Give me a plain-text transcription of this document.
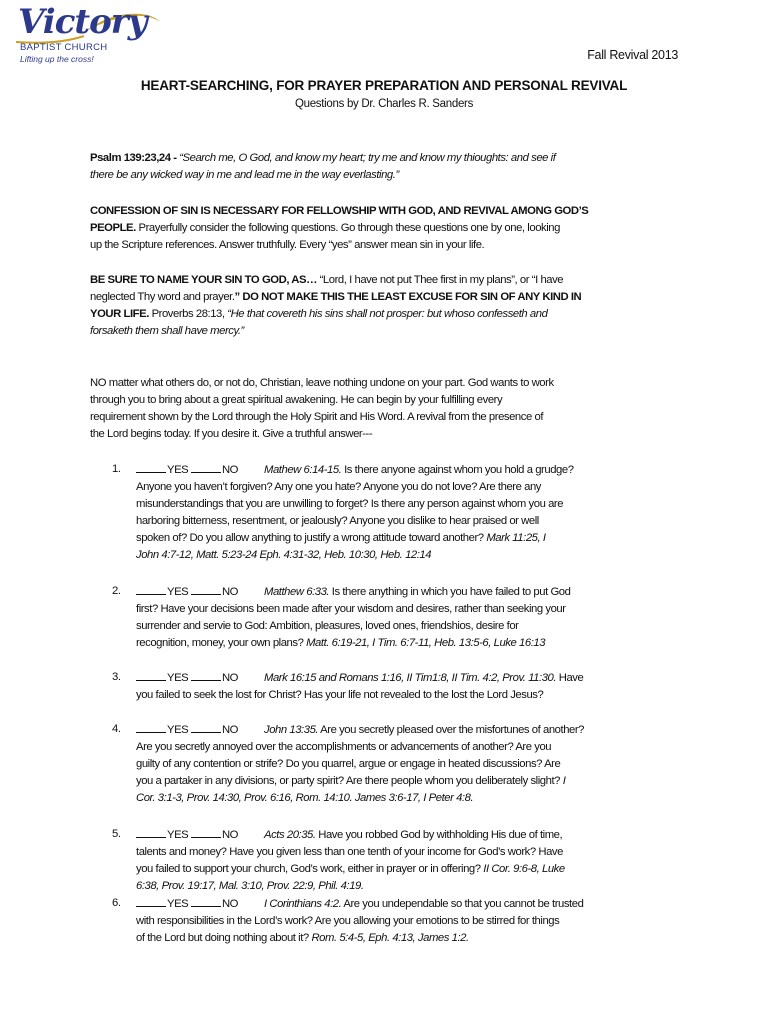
Victory
BAPTIST CHURCH
Lifting up the cross!	Fall Revival 2013
HEART-SEARCHING, FOR PRAYER PREPARATION AND PERSONAL REVIVAL
Questions by Dr. Charles R. Sanders
Psalm 139:23,24 - “Search me, O God, and know my heart; try me and know my thioughts: and see if
there be any wicked way in me and lead me in the way everlasting.”
CONFESSION OF SIN IS NECESSARY FOR FELLOWSHIP WITH GOD, AND REVIVAL AMONG GOD’S
PEOPLE. Prayerfully consider the following questions. Go through these questions one by one, looking
up the Scripture references. Answer truthfully. Every “yes” answer mean sin in your life.
BE SURE TO NAME YOUR SIN TO GOD, AS… “Lord, I have not put Thee first in my plans”, or “I have
neglected Thy word and prayer.” DO NOT MAKE THIS THE LEAST EXCUSE FOR SIN OF ANY KIND IN
YOUR LIFE. Proverbs 28:13, “He that covereth his sins shall not prosper: but whoso confesseth and
forsaketh them shall have mercy.”
NO matter what others do, or not do, Christian, leave nothing undone on your part. God wants to work
through you to bring about a great spiritual awakening. He can begin by your fulfilling every
requirement shown by the Lord through the Holy Spirit and His Word. A revival from the presence of
the Lord begins today. If you desire it. Give a truthful answer---
1.	YES	NO Mathew 6:14-15. Is there anyone against whom you hold a grudge?
Anyone you haven’t forgiven? Any one you hate? Anyone you do not love? Are there any
misunderstandings that you are unwilling to forget? Is there any person against whom you are
harboring bitterness, resentment, or jealously? Anyone you dislike to hear praised or well
spoken of? Do you allow anything to justify a wrong attitude toward another? Mark 11:25, I
John 4:7-12, Matt. 5:23-24 Eph. 4:31-32, Heb. 10:30, Heb. 12:14
2.	YES	NO Matthew 6:33. Is there anything in which you have failed to put God
first? Have your decisions been made after your wisdom and desires, rather than seeking your
surrender and servie to God: Ambition, pleasures, loved ones, friendshios, desire for
recognition, money, your own plans? Matt. 6:19-21, I Tim. 6:7-11, Heb. 13:5-6, Luke 16:13
3.	YES	NO Mark 16:15 and Romans 1:16, II Tim1:8, II Tim. 4:2, Prov. 11:30. Have
you failed to seek the lost for Christ? Has your life not revealed to the lost the Lord Jesus?
4.	YES	NO John 13:35. Are you secretly pleased over the misfortunes of another?
Are you secretly annoyed over the accomplishments or advancements of another? Are you
guilty of any contention or strife? Do you quarrel, argue or engage in heated discussions? Are
you a partaker in any divisions, or party spirit? Are there people whom you deliberately slight? I
Cor. 3:1-3, Prov. 14:30, Prov. 6:16, Rom. 14:10. James 3:6-17, I Peter 4:8.
5.	YES	NO Acts 20:35. Have you robbed God by withholding His due of time,
talents and money? Have you given less than one tenth of your income for God’s work? Have
you failed to support your church, God’s work, either in prayer or in offering? II Cor. 9:6-8, Luke
6:38, Prov. 19:17, Mal. 3:10, Prov. 22:9, Phil. 4:19.
6.	YES	NO I Corinthians 4:2. Are you undependable so that you cannot be trusted
with responsibilities in the Lord’s work? Are you allowing your emotions to be stirred for things
of the Lord but doing nothing about it? Rom. 5:4-5, Eph. 4:13, James 1:2.
